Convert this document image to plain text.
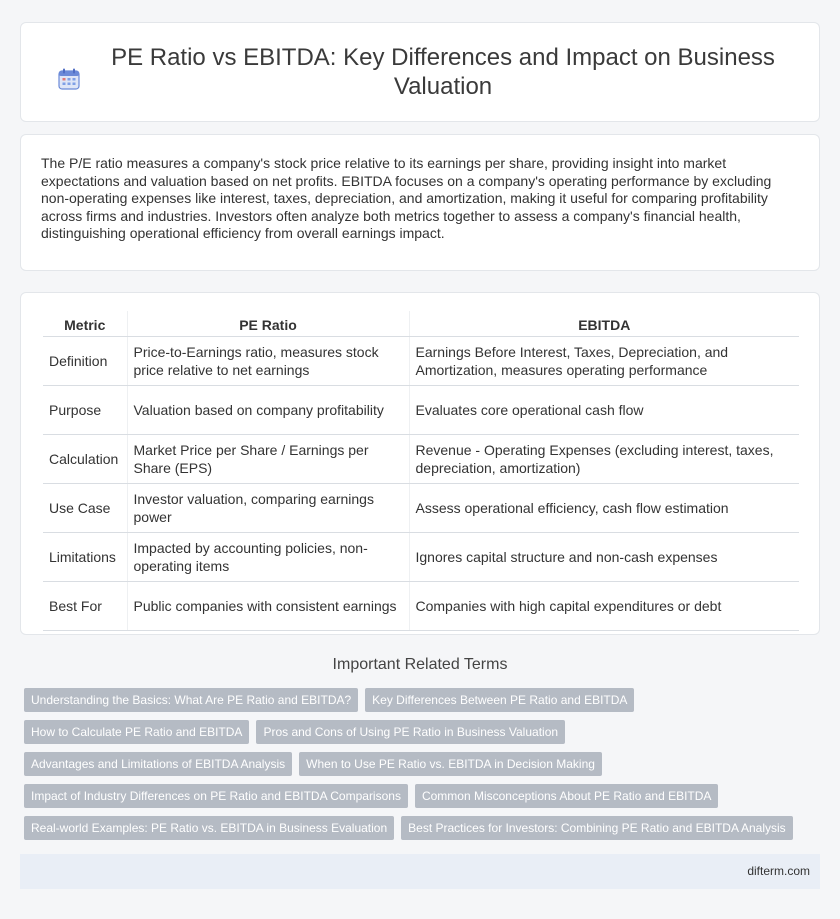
PE Ratio vs EBITDA: Key Differences and Impact on Business Valuation

The P/E ratio measures a company's stock price relative to its earnings per share, providing insight into market expectations and valuation based on net profits. EBITDA focuses on a company's operating performance by excluding non-operating expenses like interest, taxes, depreciation, and amortization, making it useful for comparing profitability across firms and industries. Investors often analyze both metrics together to assess a company's financial health, distinguishing operational efficiency from overall earnings impact.

Metric	PE Ratio	EBITDA
Definition	Price-to-Earnings ratio, measures stock price relative to net earnings	Earnings Before Interest, Taxes, Depreciation, and Amortization, measures operating performance
Purpose	Valuation based on company profitability	Evaluates core operational cash flow
Calculation	Market Price per Share / Earnings per Share (EPS)	Revenue - Operating Expenses (excluding interest, taxes, depreciation, amortization)
Use Case	Investor valuation, comparing earnings power	Assess operational efficiency, cash flow estimation
Limitations	Impacted by accounting policies, non-operating items	Ignores capital structure and non-cash expenses
Best For	Public companies with consistent earnings	Companies with high capital expenditures or debt
Important Related Terms
Understanding the Basics: What Are PE Ratio and EBITDA?	Key Differences Between PE Ratio and EBITDA
How to Calculate PE Ratio and EBITDA	Pros and Cons of Using PE Ratio in Business Valuation
Advantages and Limitations of EBITDA Analysis	When to Use PE Ratio vs. EBITDA in Decision Making
Impact of Industry Differences on PE Ratio and EBITDA Comparisons	Common Misconceptions About PE Ratio and EBITDA
Real-world Examples: PE Ratio vs. EBITDA in Business Evaluation	Best Practices for Investors: Combining PE Ratio and EBITDA Analysis
difterm.com
